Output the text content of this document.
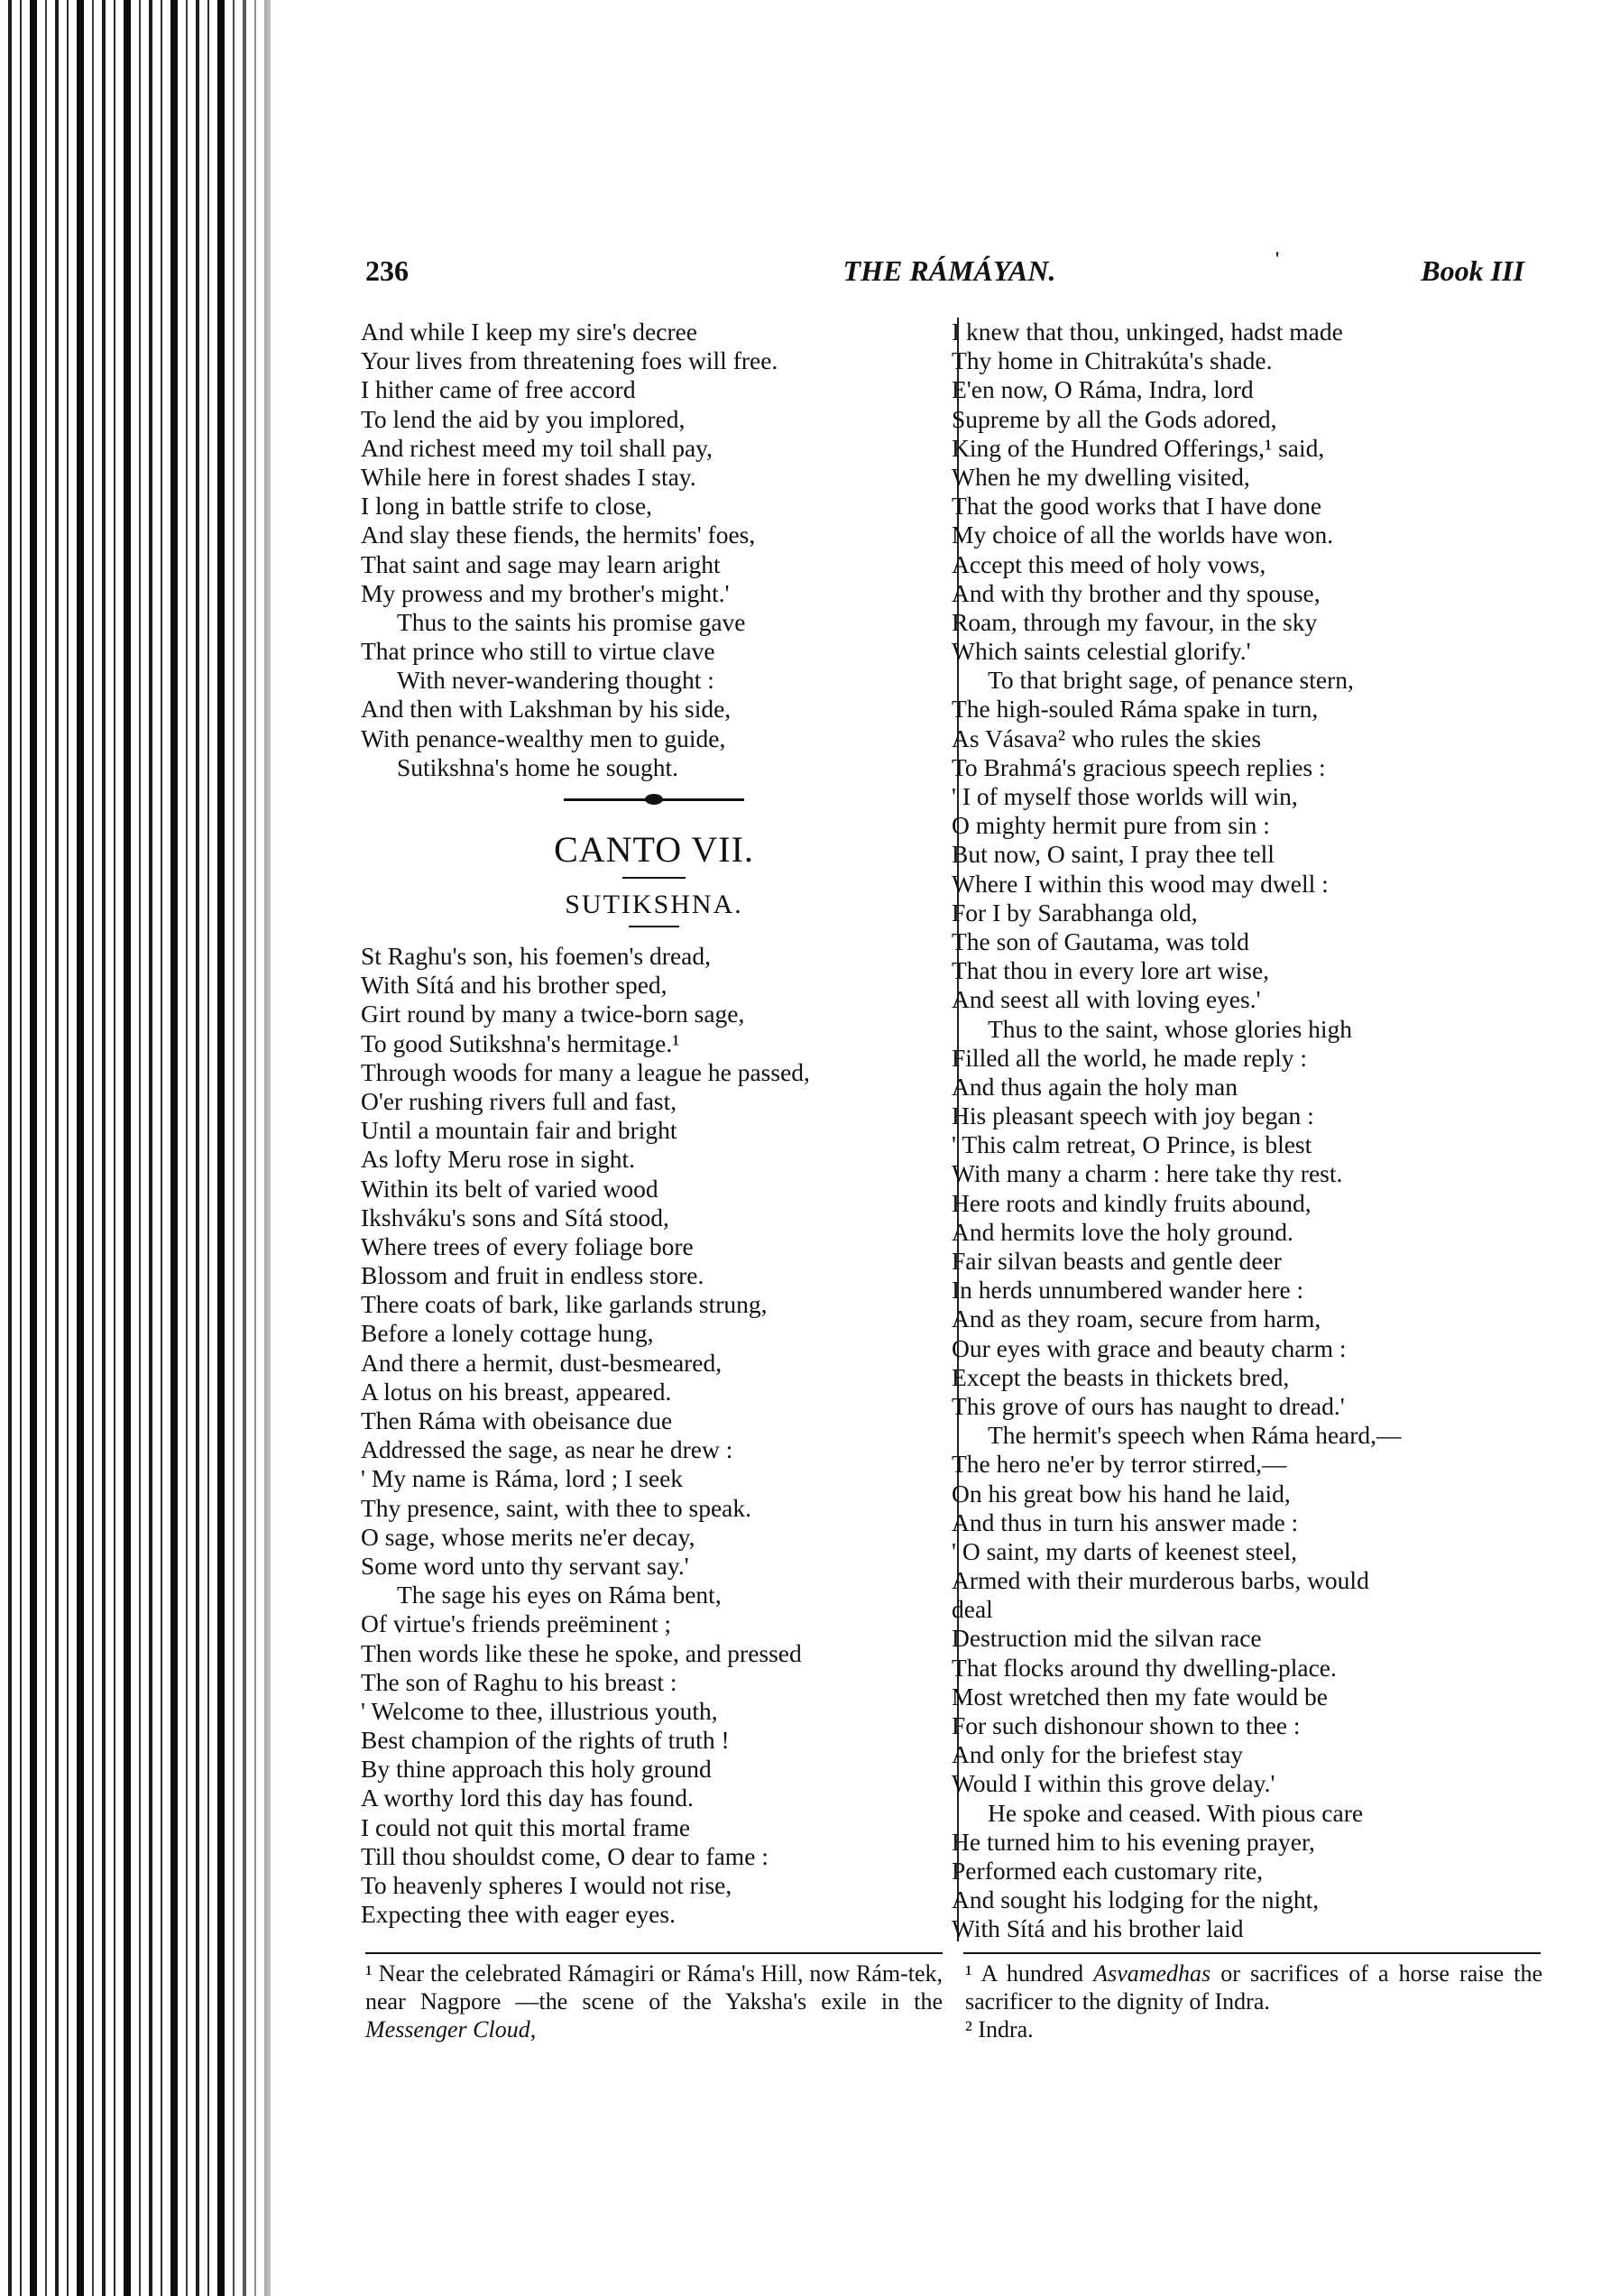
236	THE RÁMÁYAN.	'	Book III
And while I keep my sire's decree
Your lives from threatening foes will free.
I hither came of free accord
To lend the aid by you implored,
And richest meed my toil shall pay,
While here in forest shades I stay.
I long in battle strife to close,
And slay these fiends, the hermits' foes,
That saint and sage may learn aright
My prowess and my brother's might.'
Thus to the saints his promise gave
That prince who still to virtue clave
With never-wandering thought :
And then with Lakshman by his side,
With penance-wealthy men to guide,
Sutikshna's home he sought.
CANTO VII.
SUTIKSHNA.
St Raghu's son, his foemen's dread,
With Sítá and his brother sped,
Girt round by many a twice-born sage,
To good Sutikshna's hermitage.¹
Through woods for many a league he passed,
O'er rushing rivers full and fast,
Until a mountain fair and bright
As lofty Meru rose in sight.
Within its belt of varied wood
Ikshváku's sons and Sítá stood,
Where trees of every foliage bore
Blossom and fruit in endless store.
There coats of bark, like garlands strung,
Before a lonely cottage hung,
And there a hermit, dust-besmeared,
A lotus on his breast, appeared.
Then Ráma with obeisance due
Addressed the sage, as near he drew :
' My name is Ráma, lord ; I seek
Thy presence, saint, with thee to speak.
O sage, whose merits ne'er decay,
Some word unto thy servant say.'
The sage his eyes on Ráma bent,
Of virtue's friends preëminent ;
Then words like these he spoke, and pressed
The son of Raghu to his breast :
' Welcome to thee, illustrious youth,
Best champion of the rights of truth !
By thine approach this holy ground
A worthy lord this day has found.
I could not quit this mortal frame
Till thou shouldst come, O dear to fame :
To heavenly spheres I would not rise,
Expecting thee with eager eyes.
I knew that thou, unkinged, hadst made
Thy home in Chitrakúta's shade.
E'en now, O Ráma, Indra, lord
Supreme by all the Gods adored,
King of the Hundred Offerings,¹ said,
When he my dwelling visited,
That the good works that I have done
My choice of all the worlds have won.
Accept this meed of holy vows,
And with thy brother and thy spouse,
Roam, through my favour, in the sky
Which saints celestial glorify.'
To that bright sage, of penance stern,
The high-souled Ráma spake in turn,
As Vásava² who rules the skies
To Brahmá's gracious speech replies :
' I of myself those worlds will win,
O mighty hermit pure from sin :
But now, O saint, I pray thee tell
Where I within this wood may dwell :
For I by Sarabhanga old,
The son of Gautama, was told
That thou in every lore art wise,
And seest all with loving eyes.'
Thus to the saint, whose glories high
Filled all the world, he made reply :
And thus again the holy man
His pleasant speech with joy began :
' This calm retreat, O Prince, is blest
With many a charm : here take thy rest.
Here roots and kindly fruits abound,
And hermits love the holy ground.
Fair silvan beasts and gentle deer
In herds unnumbered wander here :
And as they roam, secure from harm,
Our eyes with grace and beauty charm :
Except the beasts in thickets bred,
This grove of ours has naught to dread.'
The hermit's speech when Ráma heard,—
The hero ne'er by terror stirred,—
On his great bow his hand he laid,
And thus in turn his answer made :
' O saint, my darts of keenest steel,
Armed with their murderous barbs, would
deal
Destruction mid the silvan race
That flocks around thy dwelling-place.
Most wretched then my fate would be
For such dishonour shown to thee :
And only for the briefest stay
Would I within this grove delay.'
He spoke and ceased. With pious care
He turned him to his evening prayer,
Performed each customary rite,
And sought his lodging for the night,
With Sítá and his brother laid

¹ Near the celebrated Rámagiri or Ráma's Hill, now Rám-tek, near Nagpore —the scene of the Yaksha's exile in the Messenger Cloud,

¹ A hundred Asvamedhas or sacrifices of a horse raise the sacrificer to the dignity of Indra.

² Indra.
